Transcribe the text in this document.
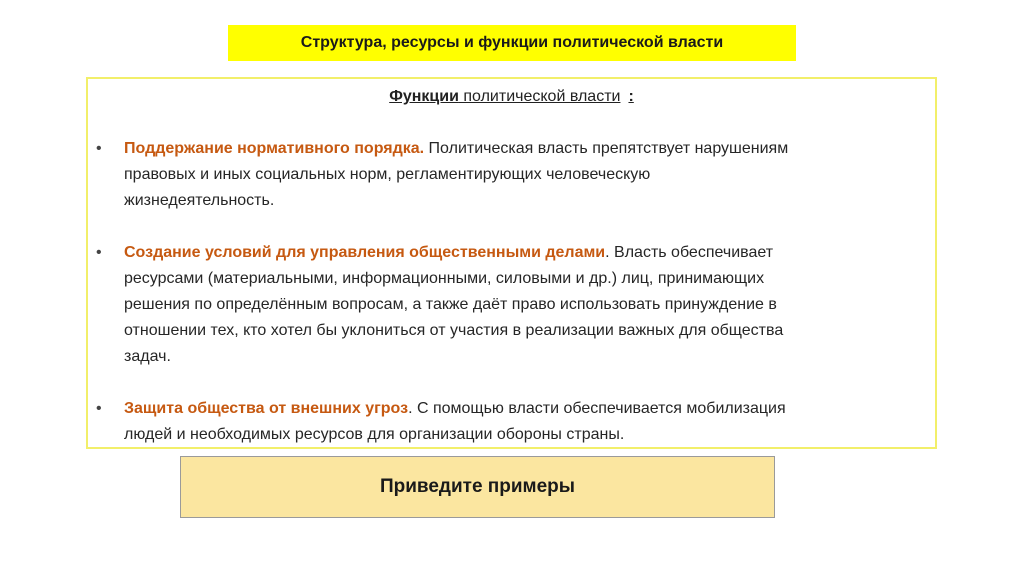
Структура, ресурсы и функции политической власти
Функции политической власти :
• Поддержание нормативного порядка. Политическая власть препятствует нарушениям
правовых и иных социальных норм, регламентирующих человеческую
жизнедеятельность.
• Создание условий для управления общественными делами. Власть обеспечивает
ресурсами (материальными, информационными, силовыми и др.) лиц, принимающих
решения по определённым вопросам, а также даёт право использовать принуждение в
отношении тех, кто хотел бы уклониться от участия в реализации важных для общества
задач.
• Защита общества от внешних угроз. С помощью власти обеспечивается мобилизация
людей и необходимых ресурсов для организации обороны страны.
Приведите примеры
